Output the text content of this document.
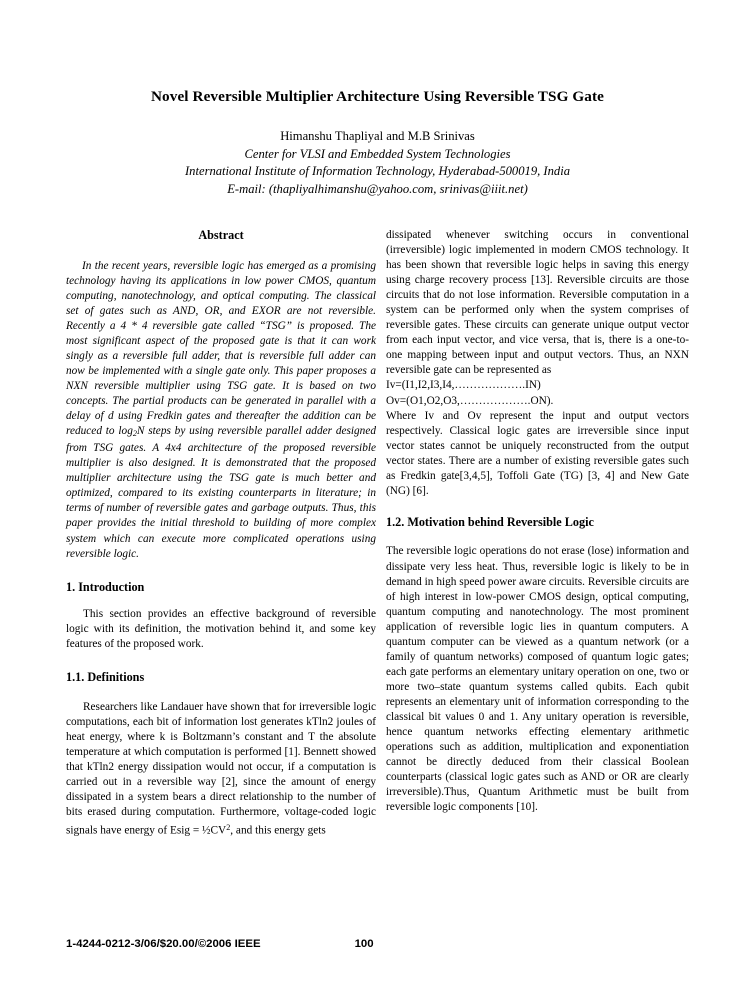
Novel Reversible Multiplier Architecture Using Reversible TSG Gate
Himanshu Thapliyal and M.B Srinivas
Center for VLSI and Embedded System Technologies
International Institute of Information Technology, Hyderabad-500019, India
E-mail: (thapliyalhimanshu@yahoo.com, srinivas@iiit.net)
Abstract

In the recent years, reversible logic has emerged as a promising technology having its applications in low power CMOS, quantum computing, nanotechnology, and optical computing. The classical set of gates such as AND, OR, and EXOR are not reversible. Recently a 4 * 4 reversible gate called “TSG” is proposed. The most significant aspect of the proposed gate is that it can work singly as a reversible full adder, that is reversible full adder can now be implemented with a single gate only. This paper proposes a NXN reversible multiplier using TSG gate. It is based on two concepts. The partial products can be generated in parallel with a delay of d using Fredkin gates and thereafter the addition can be reduced to $\log_2N$ steps by using reversible parallel adder designed from TSG gates. A 4x4 architecture of the proposed reversible multiplier is also designed. It is demonstrated that the proposed multiplier architecture using the TSG gate is much better and optimized, compared to its existing counterparts in literature; in terms of number of reversible gates and garbage outputs. Thus, this paper provides the initial threshold to building of more complex system which can execute more complicated operations using reversible logic.

1. Introduction

This section provides an effective background of reversible logic with its definition, the motivation behind it, and some key features of the proposed work.

1.1. Definitions

Researchers like Landauer have shown that for irreversible logic computations, each bit of information lost generates kTln2 joules of heat energy, where k is Boltzmann’s constant and T the absolute temperature at which computation is performed [1]. Bennett showed that kTln2 energy dissipation would not occur, if a computation is carried out in a reversible way [2], since the amount of energy dissipated in a system bears a direct relationship to the number of bits erased during computation. Furthermore, voltage-coded logic signals have energy of Esig = $\frac{1}{2}CV^2$, and this energy gets

dissipated whenever switching occurs in conventional (irreversible) logic implemented in modern CMOS technology. It has been shown that reversible logic helps in saving this energy using charge recovery process [13]. Reversible circuits are those circuits that do not lose information. Reversible computation in a system can be performed only when the system comprises of reversible gates. These circuits can generate unique output vector from each input vector, and vice versa, that is, there is a one-to-one mapping between input and output vectors. Thus, an NXN reversible gate can be represented as

Iv=(I1,I2,I3,I4,……………….IN)

Ov=(O1,O2,O3,……………….ON).

Where Iv and Ov represent the input and output vectors respectively. Classical logic gates are irreversible since input vector states cannot be uniquely reconstructed from the output vector states. There are a number of existing reversible gates such as Fredkin gate[3,4,5], Toffoli Gate (TG) [3, 4] and New Gate (NG) [6].

1.2. Motivation behind Reversible Logic

The reversible logic operations do not erase (lose) information and dissipate very less heat. Thus, reversible logic is likely to be in demand in high speed power aware circuits. Reversible circuits are of high interest in low-power CMOS design, optical computing, quantum computing and nanotechnology. The most prominent application of reversible logic lies in quantum computers. A quantum computer can be viewed as a quantum network (or a family of quantum networks) composed of quantum logic gates; each gate performs an elementary unitary operation on one, two or more two–state quantum systems called qubits. Each qubit represents an elementary unit of information corresponding to the classical bit values 0 and 1. Any unitary operation is reversible, hence quantum networks effecting elementary arithmetic operations such as addition, multiplication and exponentiation cannot be directly deduced from their classical Boolean counterparts (classical logic gates such as AND or OR are clearly irreversible).Thus, Quantum Arithmetic must be built from reversible logic components [10].

1-4244-0212-3/06/$20.00/©2006 IEEE	100
